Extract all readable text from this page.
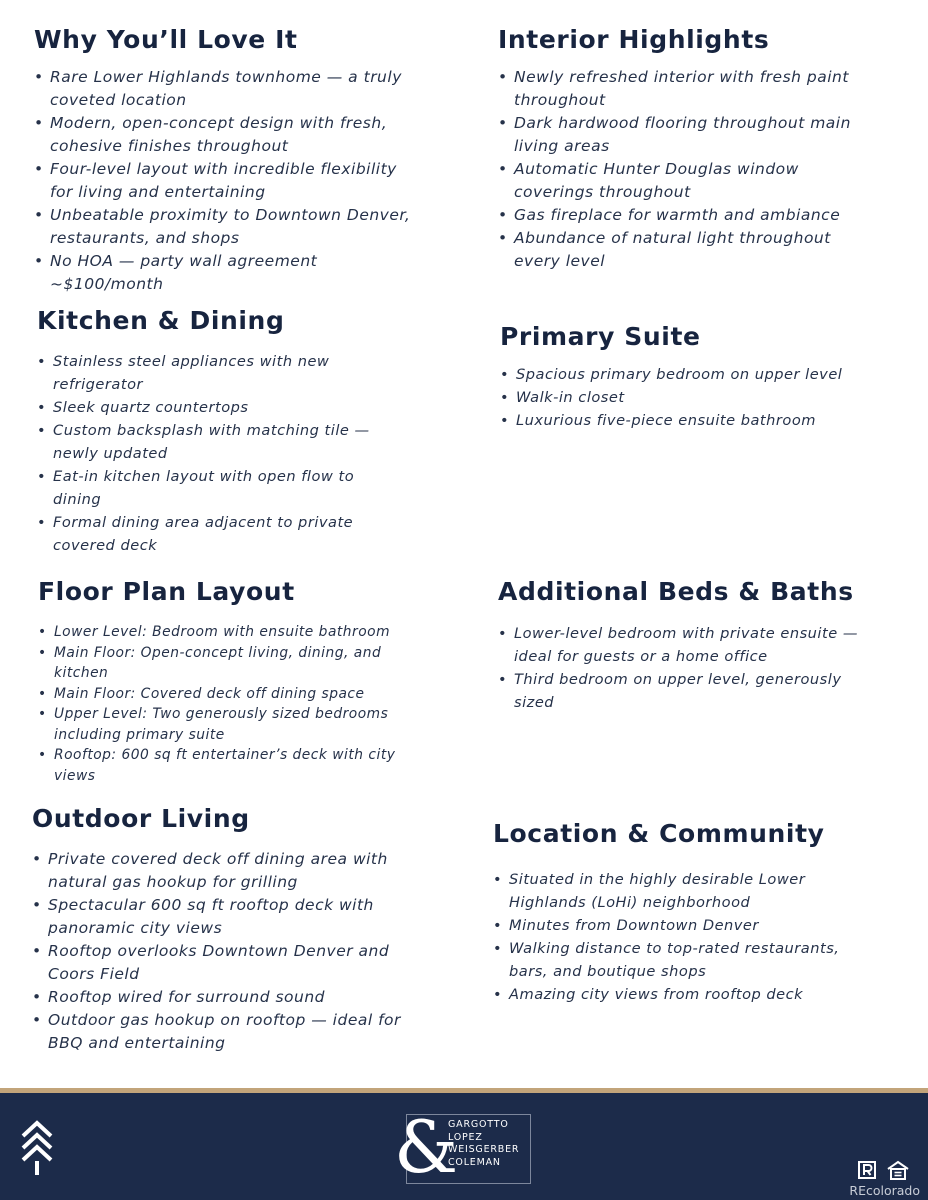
Why You’ll Love It
• Rare Lower Highlands townhome — a truly
coveted location
• Modern, open-concept design with fresh,
cohesive finishes throughout
• Four-level layout with incredible flexibility
for living and entertaining
• Unbeatable proximity to Downtown Denver,
restaurants, and shops
• No HOA — party wall agreement
~$100/month
Interior Highlights
• Newly refreshed interior with fresh paint
throughout
• Dark hardwood flooring throughout main
living areas
• Automatic Hunter Douglas window
coverings throughout
• Gas fireplace for warmth and ambiance
• Abundance of natural light throughout
every level
Kitchen & Dining
• Stainless steel appliances with new
refrigerator
• Sleek quartz countertops
• Custom backsplash with matching tile —
newly updated
• Eat-in kitchen layout with open flow to
dining
• Formal dining area adjacent to private
covered deck
Primary Suite
• Spacious primary bedroom on upper level
• Walk-in closet
• Luxurious five-piece ensuite bathroom
Floor Plan Layout
• Lower Level: Bedroom with ensuite bathroom
• Main Floor: Open-concept living, dining, and
kitchen
• Main Floor: Covered deck off dining space
• Upper Level: Two generously sized bedrooms
including primary suite
• Rooftop: 600 sq ft entertainer’s deck with city
views
Additional Beds & Baths
• Lower-level bedroom with private ensuite —
ideal for guests or a home office
• Third bedroom on upper level, generously
sized
Outdoor Living
• Private covered deck off dining area with
natural gas hookup for grilling
• Spectacular 600 sq ft rooftop deck with
panoramic city views
• Rooftop overlooks Downtown Denver and
Coors Field
• Rooftop wired for surround sound
• Outdoor gas hookup on rooftop — ideal for
BBQ and entertaining
Location & Community
• Situated in the highly desirable Lower
Highlands (LoHi) neighborhood
• Minutes from Downtown Denver
• Walking distance to top-rated restaurants,
bars, and boutique shops
• Amazing city views from rooftop deck
&
GARGOTTO
LOPEZ
WEISGERBER
COLEMAN
REcolorado
